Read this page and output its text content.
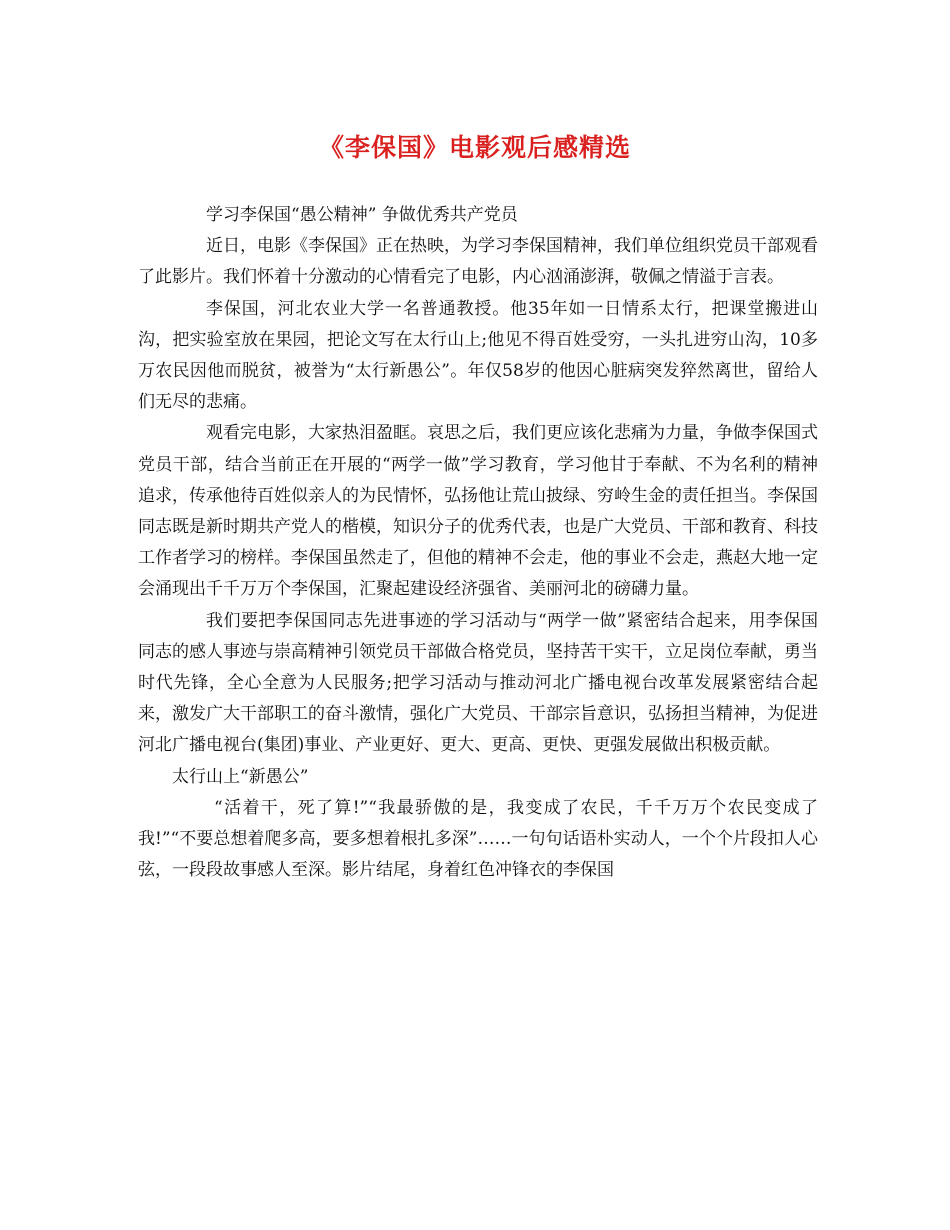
《李保国》电影观后感精选

学习李保国“愚公精神” 争做优秀共产党员

近日，电影《李保国》正在热映，为学习李保国精神，我们单位组织党员干部观看了此影片。我们怀着十分激动的心情看完了电影，内心汹涌澎湃，敬佩之情溢于言表。

李保国，河北农业大学一名普通教授。他35年如一日情系太行，把课堂搬进山沟，把实验室放在果园，把论文写在太行山上;他见不得百姓受穷，一头扎进穷山沟，10多万农民因他而脱贫，被誉为“太行新愚公”。年仅58岁的他因心脏病突发猝然离世，留给人们无尽的悲痛。

观看完电影，大家热泪盈眶。哀思之后，我们更应该化悲痛为力量，争做李保国式党员干部，结合当前正在开展的“两学一做”学习教育，学习他甘于奉献、不为名利的精神追求，传承他待百姓似亲人的为民情怀，弘扬他让荒山披绿、穷岭生金的责任担当。李保国同志既是新时期共产党人的楷模，知识分子的优秀代表，也是广大党员、干部和教育、科技工作者学习的榜样。李保国虽然走了，但他的精神不会走，他的事业不会走，燕赵大地一定会涌现出千千万万个李保国，汇聚起建设经济强省、美丽河北的磅礴力量。

我们要把李保国同志先进事迹的学习活动与“两学一做”紧密结合起来，用李保国同志的感人事迹与崇高精神引领党员干部做合格党员，坚持苦干实干，立足岗位奉献，勇当时代先锋，全心全意为人民服务;把学习活动与推动河北广播电视台改革发展紧密结合起来，激发广大干部职工的奋斗激情，强化广大党员、干部宗旨意识，弘扬担当精神，为促进河北广播电视台(集团)事业、产业更好、更大、更高、更快、更强发展做出积极贡献。

太行山上“新愚公”

“活着干，死了算!”“我最骄傲的是，我变成了农民，千千万万个农民变成了我!”“不要总想着爬多高，要多想着根扎多深”……一句句话语朴实动人，一个个片段扣人心弦，一段段故事感人至深。影片结尾，身着红色冲锋衣的李保国
